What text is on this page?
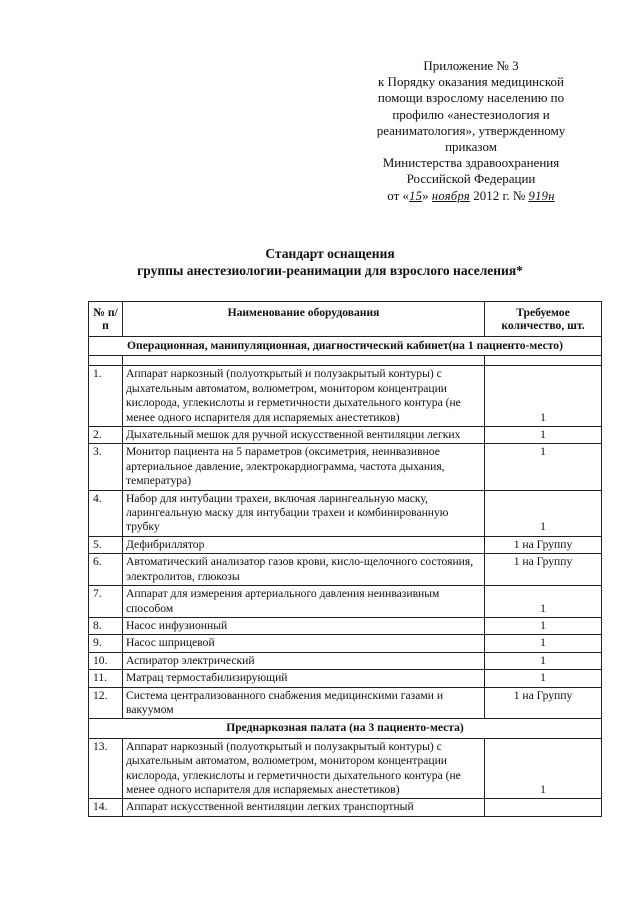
Приложение № 3
к Порядку оказания медицинской
помощи взрослому населению по
профилю «анестезиология и
реаниматология», утвержденному
приказом
Министерства здравоохранения
Российской Федерации
от «15» ноября 2012 г. № 919н
Стандарт оснащения
группы анестезиологии-реанимации для взрослого населения*
№ п/п	Наименование оборудования	Требуемое количество, шт.
Операционная, манипуляционная, диагностический кабинет(на 1 пациенто-место)		

1.	Аппарат наркозный (полуоткрытый и полузакрытый контуры) с дыхательным автоматом, волюметром, монитором концентрации кислорода, углекислоты и герметичности дыхательного контура (не менее одного испарителя для испаряемых анестетиков)	1
2.	Дыхательный мешок для ручной искусственной вентиляции легких	1
3.	Монитор пациента на 5 параметров (оксиметрия, неинвазивное артериальное давление, электрокардиограмма, частота дыхания, температура)	1
4.	Набор для интубации трахеи, включая ларингеальную маску, ларингеальную маску для интубации трахеи и комбинированную трубку	1
5.	Дефибриллятор	1 на Группу
6.	Автоматический анализатор газов крови, кисло-щелочного состояния, электролитов, глюкозы	1 на Группу
7.	Аппарат для измерения артериального давления неинвазивным способом	1
8.	Насос инфузионный	1
9.	Насос шприцевой	1
10.	Аспиратор электрический	1
11.	Матрац термостабилизирующий	1
12.	Система централизованного снабжения медицинскими газами и вакуумом	1 на Группу
Преднаркозная палата (на 3 пациенто-места)		
13.	Аппарат наркозный (полуоткрытый и полузакрытый контуры) с дыхательным автоматом, волюметром, монитором концентрации кислорода, углекислоты и герметичности дыхательного контура (не менее одного испарителя для испаряемых анестетиков)	1
14.	Аппарат искусственной вентиляции легких транспортный	
